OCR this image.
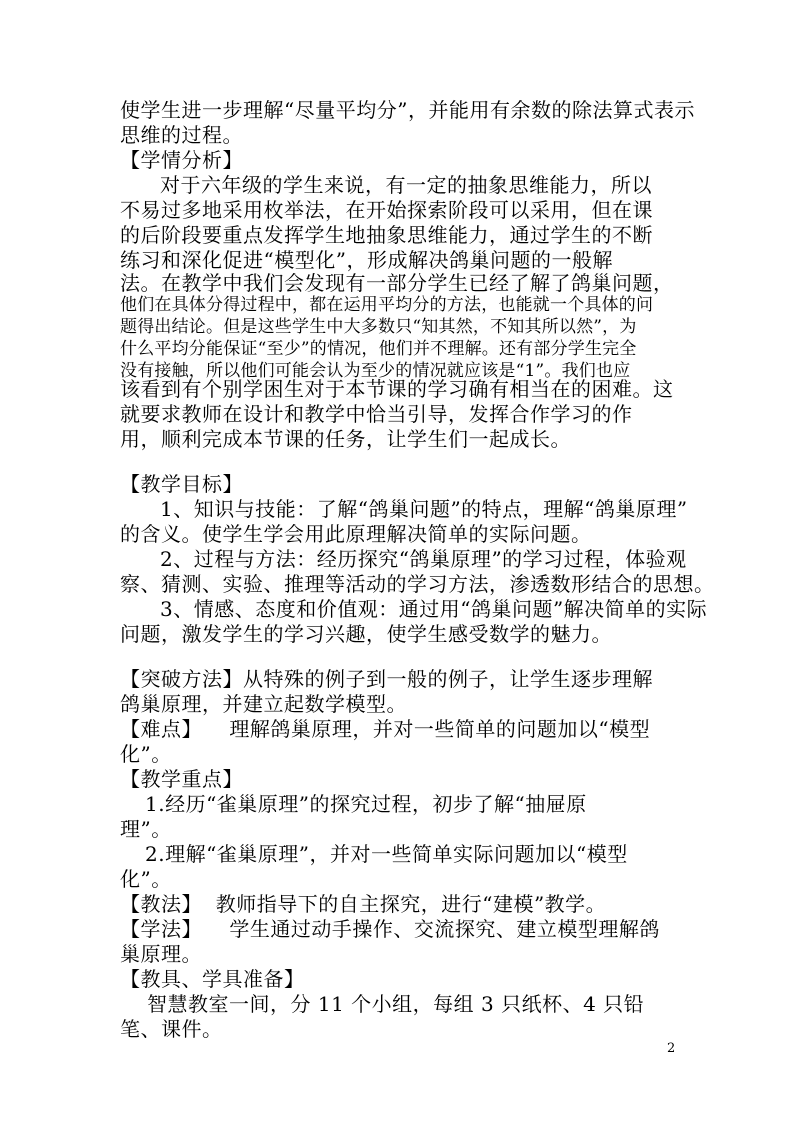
使学生进一步理解“尽量平均分”，并能用有余数的除法算式表示
思维的过程。
【学情分析】
对于六年级的学生来说，有一定的抽象思维能力，所以
不易过多地采用枚举法，在开始探索阶段可以采用，但在课
的后阶段要重点发挥学生地抽象思维能力，通过学生的不断
练习和深化促进“模型化”，形成解决鸽巢问题的一般解
法。在教学中我们会发现有一部分学生已经了解了鸽巢问题，
他们在具体分得过程中，都在运用平均分的方法，也能就一个具体的问
题得出结论。但是这些学生中大多数只“知其然，不知其所以然”，为
什么平均分能保证“至少”的情况，他们并不理解。还有部分学生完全
没有接触，所以他们可能会认为至少的情况就应该是“1”。我们也应
该看到有个别学困生对于本节课的学习确有相当在的困难。这
就要求教师在设计和教学中恰当引导，发挥合作学习的作
用，顺利完成本节课的任务，让学生们一起成长。
【教学目标】
1、知识与技能：了解“鸽巢问题”的特点，理解“鸽巢原理”
的含义。使学生学会用此原理解决简单的实际问题。
2、过程与方法：经历探究“鸽巢原理”的学习过程，体验观
察、猜测、实验、推理等活动的学习方法，渗透数形结合的思想。
3、情感、态度和价值观：通过用“鸽巢问题”解决简单的实际
问题，激发学生的学习兴趣，使学生感受数学的魅力。
【突破方法】从特殊的例子到一般的例子，让学生逐步理解
鸽巢原理，并建立起数学模型。
【难点】    理解鸽巢原理，并对一些简单的问题加以“模型
化”。
【教学重点】
1.经历“雀巢原理”的探究过程，初步了解“抽屉原
理”。
2.理解“雀巢原理”，并对一些简单实际问题加以“模型
化”。
【教法】  教师指导下的自主探究，进行“建模”教学。
【学法】    学生通过动手操作、交流探究、建立模型理解鸽
巢原理。
【教具、学具准备】
智慧教室一间，分 11 个小组，每组 3 只纸杯、4 只铅
笔、课件。
2
